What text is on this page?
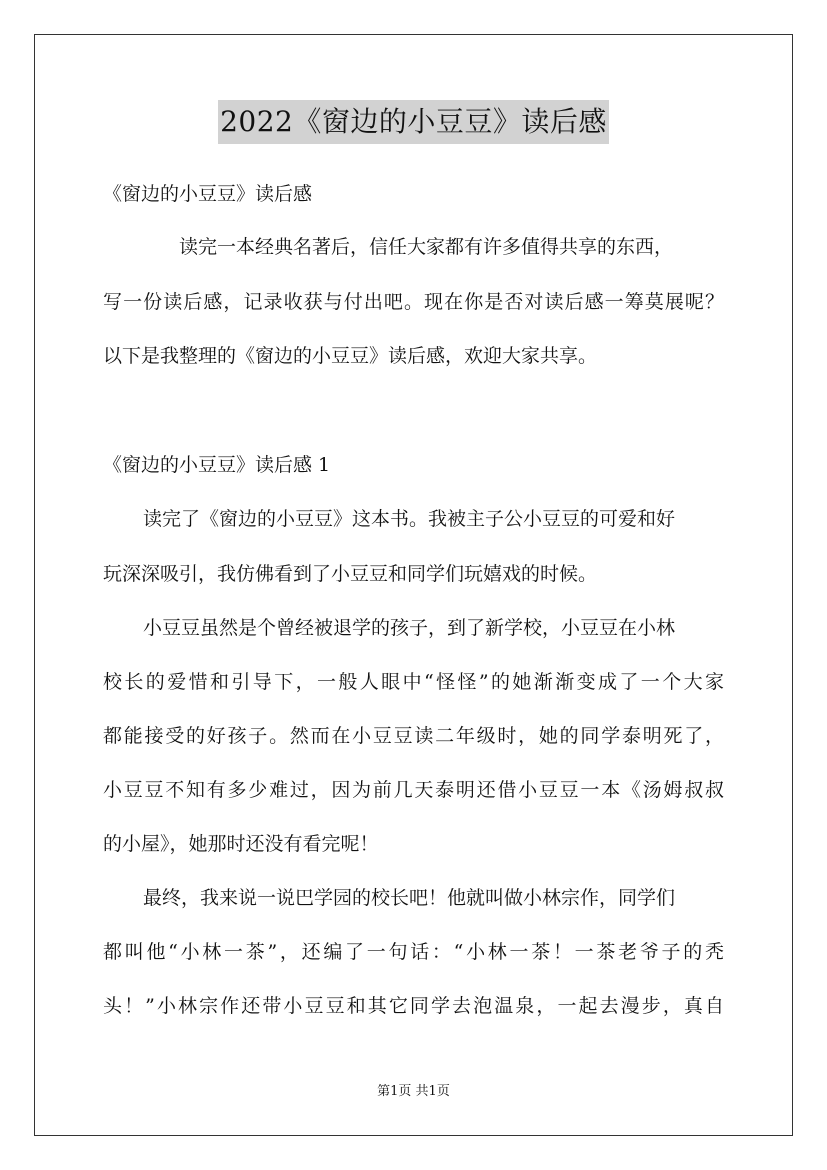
2022《窗边的小豆豆》读后感
《窗边的小豆豆》读后感
读完一本经典名著后，信任大家都有许多值得共享的东西，
写一份读后感，记录收获与付出吧。现在你是否对读后感一筹莫展呢？
以下是我整理的《窗边的小豆豆》读后感，欢迎大家共享。
《窗边的小豆豆》读后感 1
读完了《窗边的小豆豆》这本书。我被主子公小豆豆的可爱和好
玩深深吸引，我仿佛看到了小豆豆和同学们玩嬉戏的时候。
小豆豆虽然是个曾经被退学的孩子，到了新学校，小豆豆在小林
校长的爱惜和引导下，一般人眼中“怪怪”的她渐渐变成了一个大家
都能接受的好孩子。然而在小豆豆读二年级时，她的同学泰明死了，
小豆豆不知有多少难过，因为前几天泰明还借小豆豆一本《汤姆叔叔
的小屋》，她那时还没有看完呢！
最终，我来说一说巴学园的校长吧！他就叫做小林宗作，同学们
都叫他“小林一茶”，还编了一句话：“小林一茶！一茶老爷子的秃
头！”小林宗作还带小豆豆和其它同学去泡温泉，一起去漫步，真自
第1页 共1页
